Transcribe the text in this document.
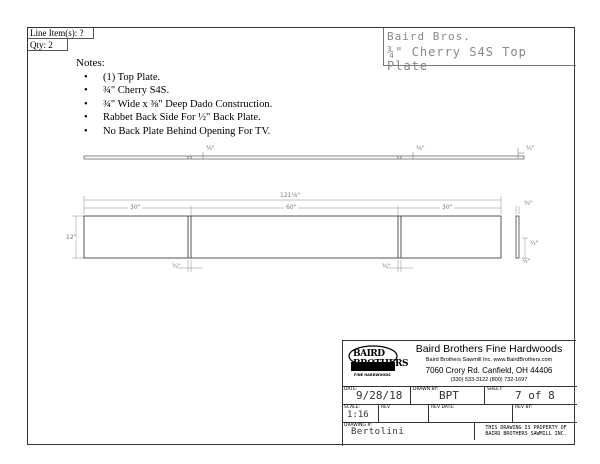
Line Item(s): ?
Qty: 2
Baird Bros.
¾" Cherry S4S Top Plate
Notes:
• (1) Top Plate.
• ¾" Cherry S4S.
• ¾" Wide x ⅜" Deep Dado Construction.
• Rabbet Back Side For ½" Back Plate.
• No Back Plate Behind Opening For TV.
⅜"	⅜"	¾"
121⅛"
30"	60"	30"
12"
¾"
½"
¾"	¾"
½"
BAIRD BROTHERS
FINE HARDWOODS
Baird Brothers Fine Hardwoods
Baird Brothers Sawmill Inc. www.BairdBrothers.com
7060 Crory Rd. Canfield, OH 44406
(330) 533-3122 (800) 732-1697
DATE:
9/28/18 DRAWN BY: BPT	SHEET: 7 of 8
SCALE:
1:16
REV	REV DATE:	REV BY:
DRAWING #:
Bertolini	THIS DRAWING IS PROPERTY OF
BAIRD BROTHERS SAWMILL INC.
